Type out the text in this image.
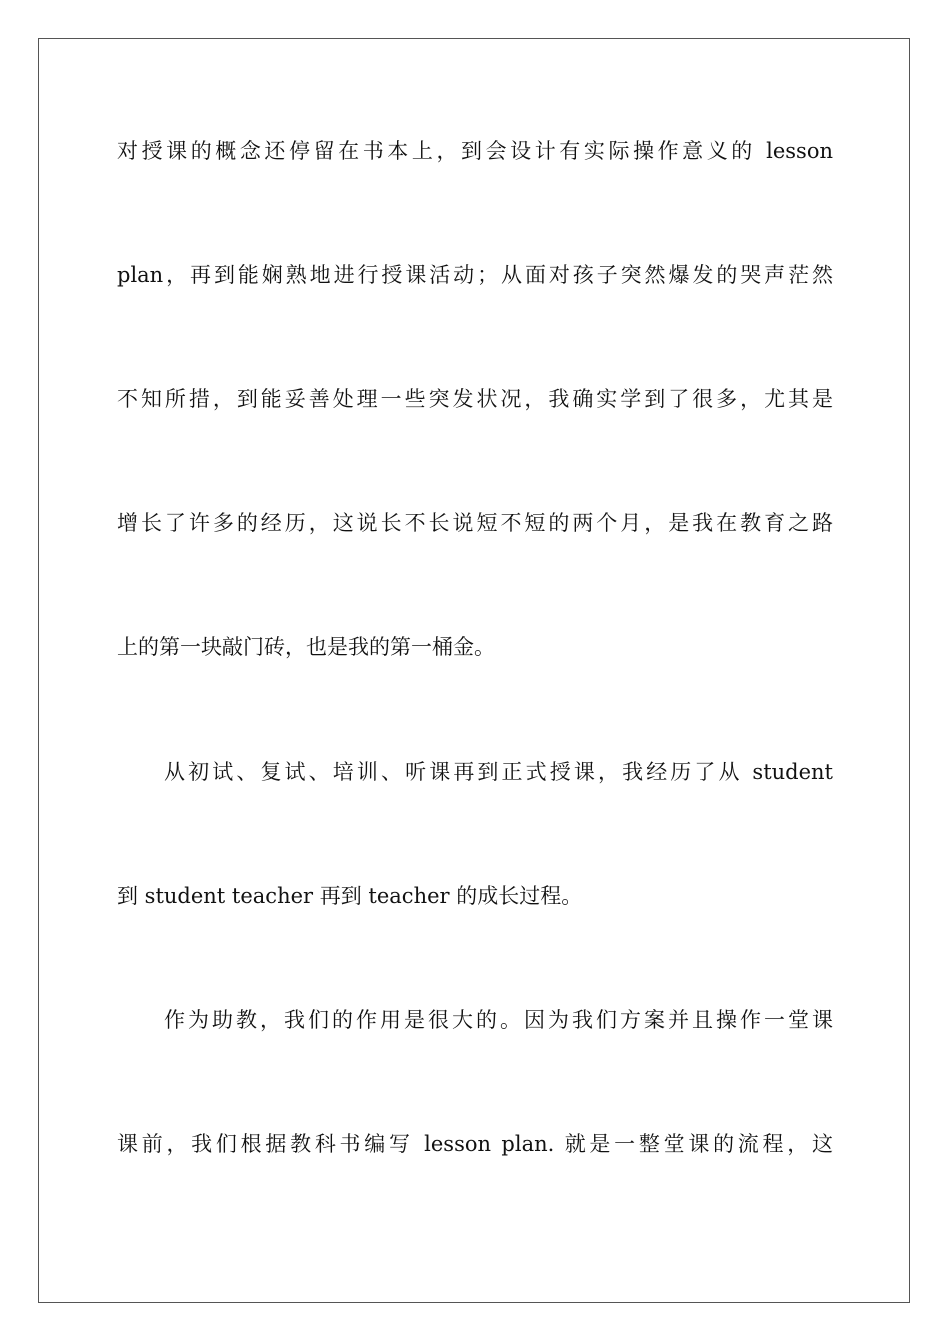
对授课的概念还停留在书本上，到会设计有实际操作意义的 lesson
plan，再到能娴熟地进行授课活动；从面对孩子突然爆发的哭声茫然
不知所措，到能妥善处理一些突发状况，我确实学到了很多，尤其是
增长了许多的经历，这说长不长说短不短的两个月，是我在教育之路
上的第一块敲门砖，也是我的第一桶金。
从初试、复试、培训、听课再到正式授课，我经历了从 student
到 student teacher 再到 teacher 的成长过程。
作为助教，我们的作用是很大的。因为我们方案并且操作一堂课
课前，我们根据教科书编写 lesson plan. 就是一整堂课的流程，这
